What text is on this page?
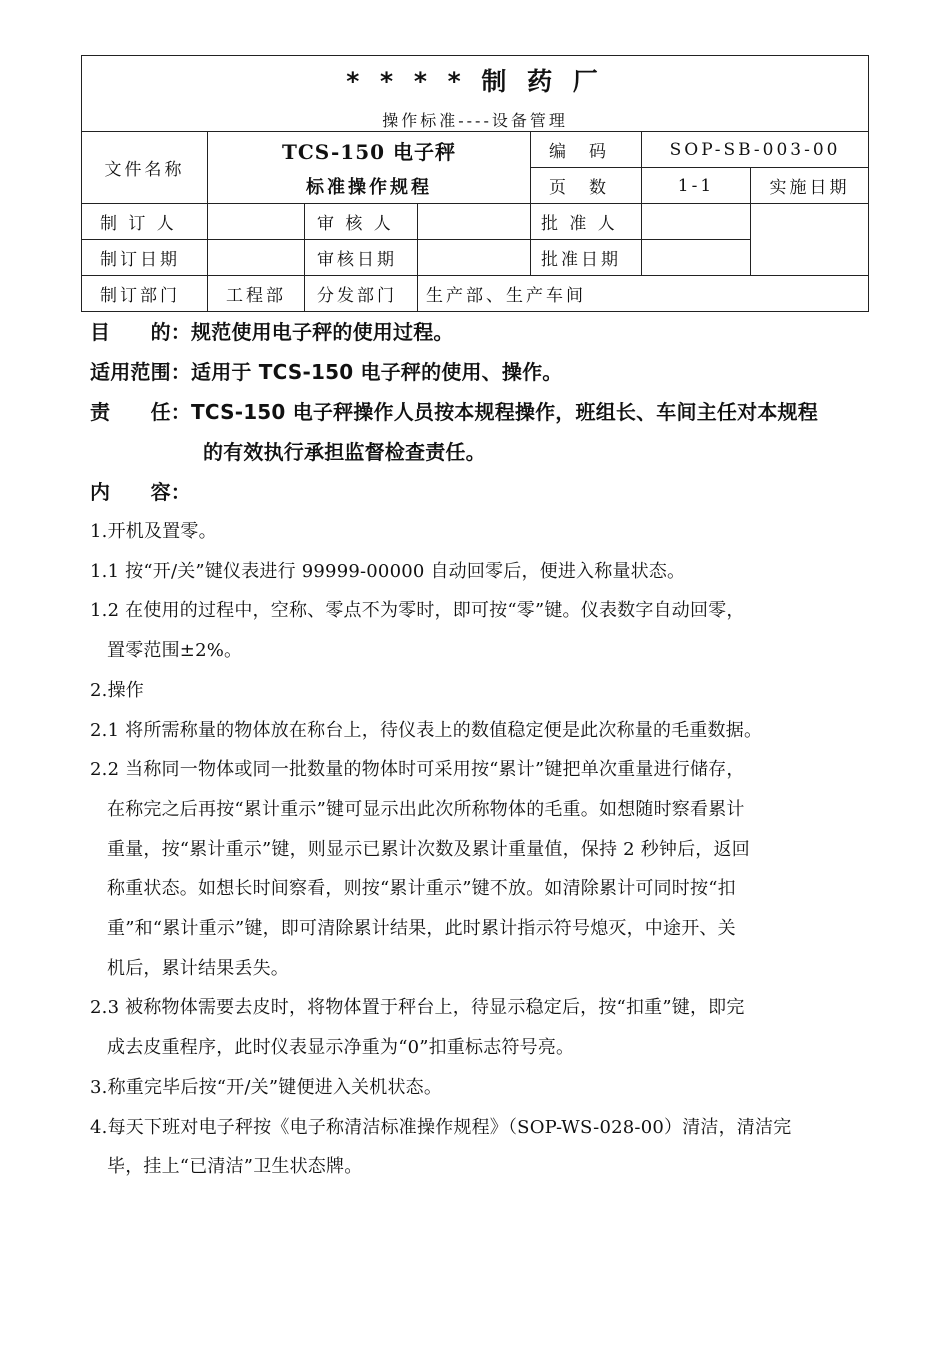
* * * * 制 药 厂
操作标准----设备管理						

文件名称	TCS-150 电子秤
标准操作规程			编　码	SOP-SB-003-00	
				页　数	1-1	实施日期
制 订 人		审 核 人		批 准 人		
制订日期		审核日期		批准日期		
制订部门	工程部	分发部门	生产部、生产车间			
目　　的：规范使用电子秤的使用过程。
适用范围：适用于 TCS-150 电子秤的使用、操作。
责　　任：TCS-150 电子秤操作人员按本规程操作，班组长、车间主任对本规程
的有效执行承担监督检查责任。
内　　容：
1.开机及置零。
1.1 按“开/关”键仪表进行 99999-00000 自动回零后，便进入称量状态。
1.2 在使用的过程中，空称、零点不为零时，即可按“零”键。仪表数字自动回零，
置零范围±2%。
2.操作
2.1 将所需称量的物体放在称台上，待仪表上的数值稳定便是此次称量的毛重数据。
2.2 当称同一物体或同一批数量的物体时可采用按“累计”键把单次重量进行储存，
在称完之后再按“累计重示”键可显示出此次所称物体的毛重。如想随时察看累计
重量，按“累计重示”键，则显示已累计次数及累计重量值，保持 2 秒钟后，返回
称重状态。如想长时间察看，则按“累计重示”键不放。如清除累计可同时按“扣
重”和“累计重示”键，即可清除累计结果，此时累计指示符号熄灭，中途开、关
机后，累计结果丢失。
2.3 被称物体需要去皮时，将物体置于秤台上，待显示稳定后，按“扣重”键，即完
成去皮重程序，此时仪表显示净重为“0”扣重标志符号亮。
3.称重完毕后按“开/关”键便进入关机状态。
4.每天下班对电子秤按《电子称清洁标准操作规程》（SOP-WS-028-00）清洁，清洁完
毕，挂上“已清洁”卫生状态牌。
